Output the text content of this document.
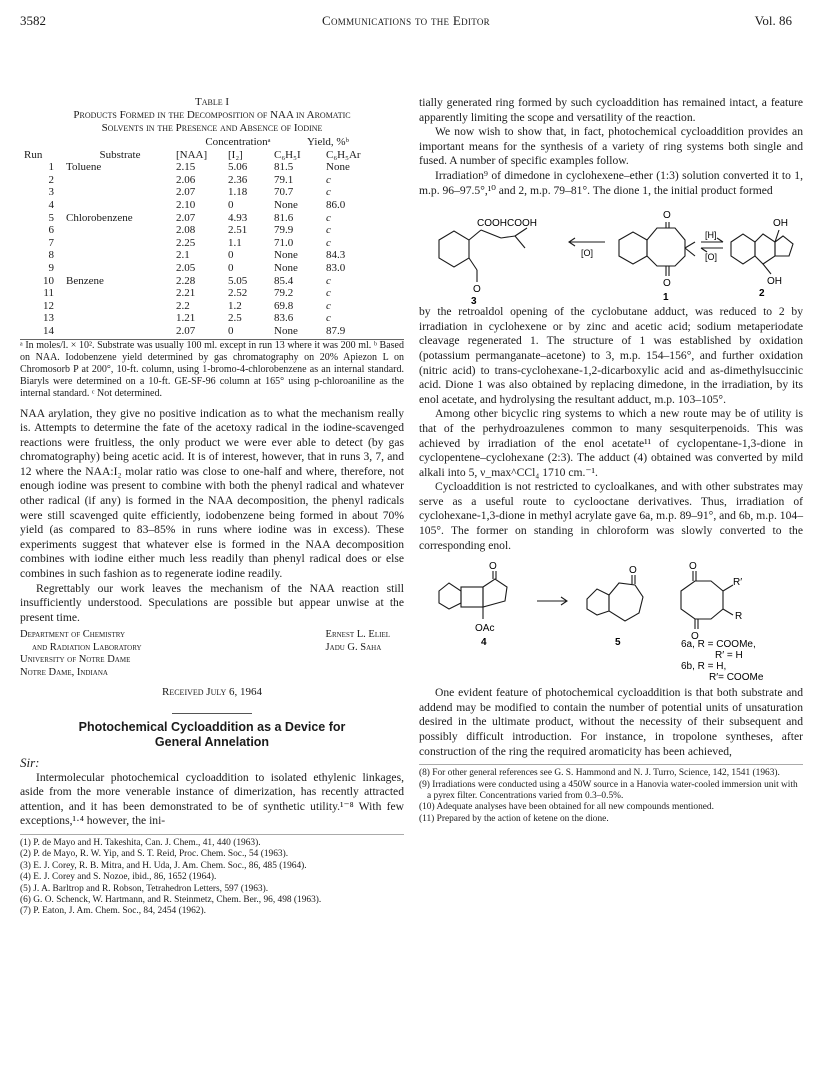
3582	Communications to the Editor	Vol. 86
Table I
Products Formed in the Decomposition of NAA in Aromatic
Solvents in the Presence and Absence of Iodine
		Concentrationᵃ		Yield, %ᵇ	
Run	Substrate	[NAA]	[I₂]	C₆H₅I	C₆H₅Ar
1	Toluene	2.15	5.06	81.5	None
2		2.06	2.36	79.1	c
3		2.07	1.18	70.7	c
4		2.10	0	None	86.0
5	Chlorobenzene	2.07	4.93	81.6	c
6		2.08	2.51	79.9	c
7		2.25	1.1	71.0	c
8		2.1	0	None	84.3
9		2.05	0	None	83.0
10	Benzene	2.28	5.05	85.4	c
11		2.21	2.52	79.2	c
12		2.2	1.2	69.8	c
13		1.21	2.5	83.6	c
14		2.07	0	None	87.9
ᵃ In moles/l. × 10². Substrate was usually 100 ml. except in run 13 where it was 200 ml. ᵇ Based on NAA. Iodobenzene yield determined by gas chromatography on 20% Apiezon L on Chromosorb P at 200°, 10-ft. column, using 1-bromo-4-chlorobenzene as an internal standard. Biaryls were determined on a 10-ft. GE-SF-96 column at 165° using p-chloroaniline as the internal standard. ᶜ Not determined.

NAA arylation, they give no positive indication as to what the mechanism really is. Attempts to determine the fate of the acetoxy radical in the iodine-scavenged reactions were fruitless, the only product we were ever able to detect (by gas chromatography) being acetic acid. It is of interest, however, that in runs 3, 7, and 12 where the NAA:I₂ molar ratio was close to one-half and where, therefore, not enough iodine was present to combine with both the phenyl radical and whatever other radical (if any) is formed in the NAA decomposition, the phenyl radicals were still scavenged quite efficiently, iodobenzene being formed in about 70% yield (as compared to 83–85% in runs where iodine was in excess). These experiments suggest that whatever else is formed in the NAA decomposition combines with iodine either much less readily than phenyl radical does or else combines in such fashion as to regenerate iodine readily.

Regrettably our work leaves the mechanism of the NAA reaction still insufficiently understood. Speculations are possible but appear unwise at the present time.

Department of Chemistry
and Radiation Laboratory
University of Notre Dame
Notre Dame, Indiana
Ernest L. Eliel
Jadu G. Saha
Received July 6, 1964
Photochemical Cycloaddition as a Device for
General Annelation
Sir:

Intermolecular photochemical cycloaddition to isolated ethylenic linkages, aside from the more venerable instance of dimerization, has recently attracted attention, and it has been demonstrated to be of synthetic utility.¹⁻⁸ With few exceptions,¹·⁴ however, the ini-

(1) P. de Mayo and H. Takeshita, Can. J. Chem., 41, 440 (1963).
(2) P. de Mayo, R. W. Yip, and S. T. Reid, Proc. Chem. Soc., 54 (1963).
(3) E. J. Corey, R. B. Mitra, and H. Uda, J. Am. Chem. Soc., 86, 485 (1964).
(4) E. J. Corey and S. Nozoe, ibid., 86, 1652 (1964).
(5) J. A. Barltrop and R. Robson, Tetrahedron Letters, 597 (1963).
(6) G. O. Schenck, W. Hartmann, and R. Steinmetz, Chem. Ber., 96, 498 (1963).
(7) P. Eaton, J. Am. Chem. Soc., 84, 2454 (1962).

tially generated ring formed by such cycloaddition has remained intact, a feature apparently limiting the scope and versatility of the reaction.

We now wish to show that, in fact, photochemical cycloaddition provides an important means for the synthesis of a variety of ring systems both single and fused. A number of specific examples follow.

Irradiation⁹ of dimedone in cyclohexene–ether (1:3) solution converted it to 1, m.p. 96–97.5°,¹⁰ and 2, m.p. 79–81°. The dione 1, the initial product formed

COOH COOH
O
3
[O]
O
O
1
[H]
[O]
OH
OH
2

by the retroaldol opening of the cyclobutane adduct, was reduced to 2 by irradiation in cyclohexene or by zinc and acetic acid; sodium metaperiodate cleavage regenerated 1. The structure of 1 was established by oxidation (potassium permanganate–acetone) to 3, m.p. 154–156°, and further oxidation (nitric acid) to trans-cyclohexane-1,2-dicarboxylic acid and as-dimethylsuccinic acid. Dione 1 was also obtained by replacing dimedone, in the irradiation, by its enol acetate, and hydrolysing the resultant adduct, m.p. 103–105°.

Among other bicyclic ring systems to which a new route may be of utility is that of the perhydroazulenes common to many sesquiterpenoids. This was achieved by irradiation of the enol acetate¹¹ of cyclopentane-1,3-dione in cyclopentene–cyclohexane (2:3). The adduct (4) obtained was converted by mild alkali into 5, ν_max^CCl₄ 1710 cm.⁻¹.

Cycloaddition is not restricted to cycloalkanes, and with other substrates may serve as a useful route to cyclooctane derivatives. Thus, irradiation of cyclohexane-1,3-dione in methyl acrylate gave 6a, m.p. 89–91°, and 6b, m.p. 104–105°. The former on standing in chloroform was slowly converted to the corresponding enol.

O
OAc
4
O
5
O
O
R′
R
6a, R = COOMe,
R′ = H
6b, R = H,
R′= COOMe

One evident feature of photochemical cycloaddition is that both substrate and addend may be modified to contain the number of potential units of unsaturation desired in the ultimate product, without the necessity of their subsequent and possibly difficult introduction. For instance, in tropolone syntheses, after construction of the ring the required aromaticity has been achieved,

(8) For other general references see G. S. Hammond and N. J. Turro, Science, 142, 1541 (1963).
(9) Irradiations were conducted using a 450W source in a Hanovia water-cooled immersion unit with a pyrex filter. Concentrations varied from 0.3–0.5%.
(10) Adequate analyses have been obtained for all new compounds mentioned.
(11) Prepared by the action of ketene on the dione.
